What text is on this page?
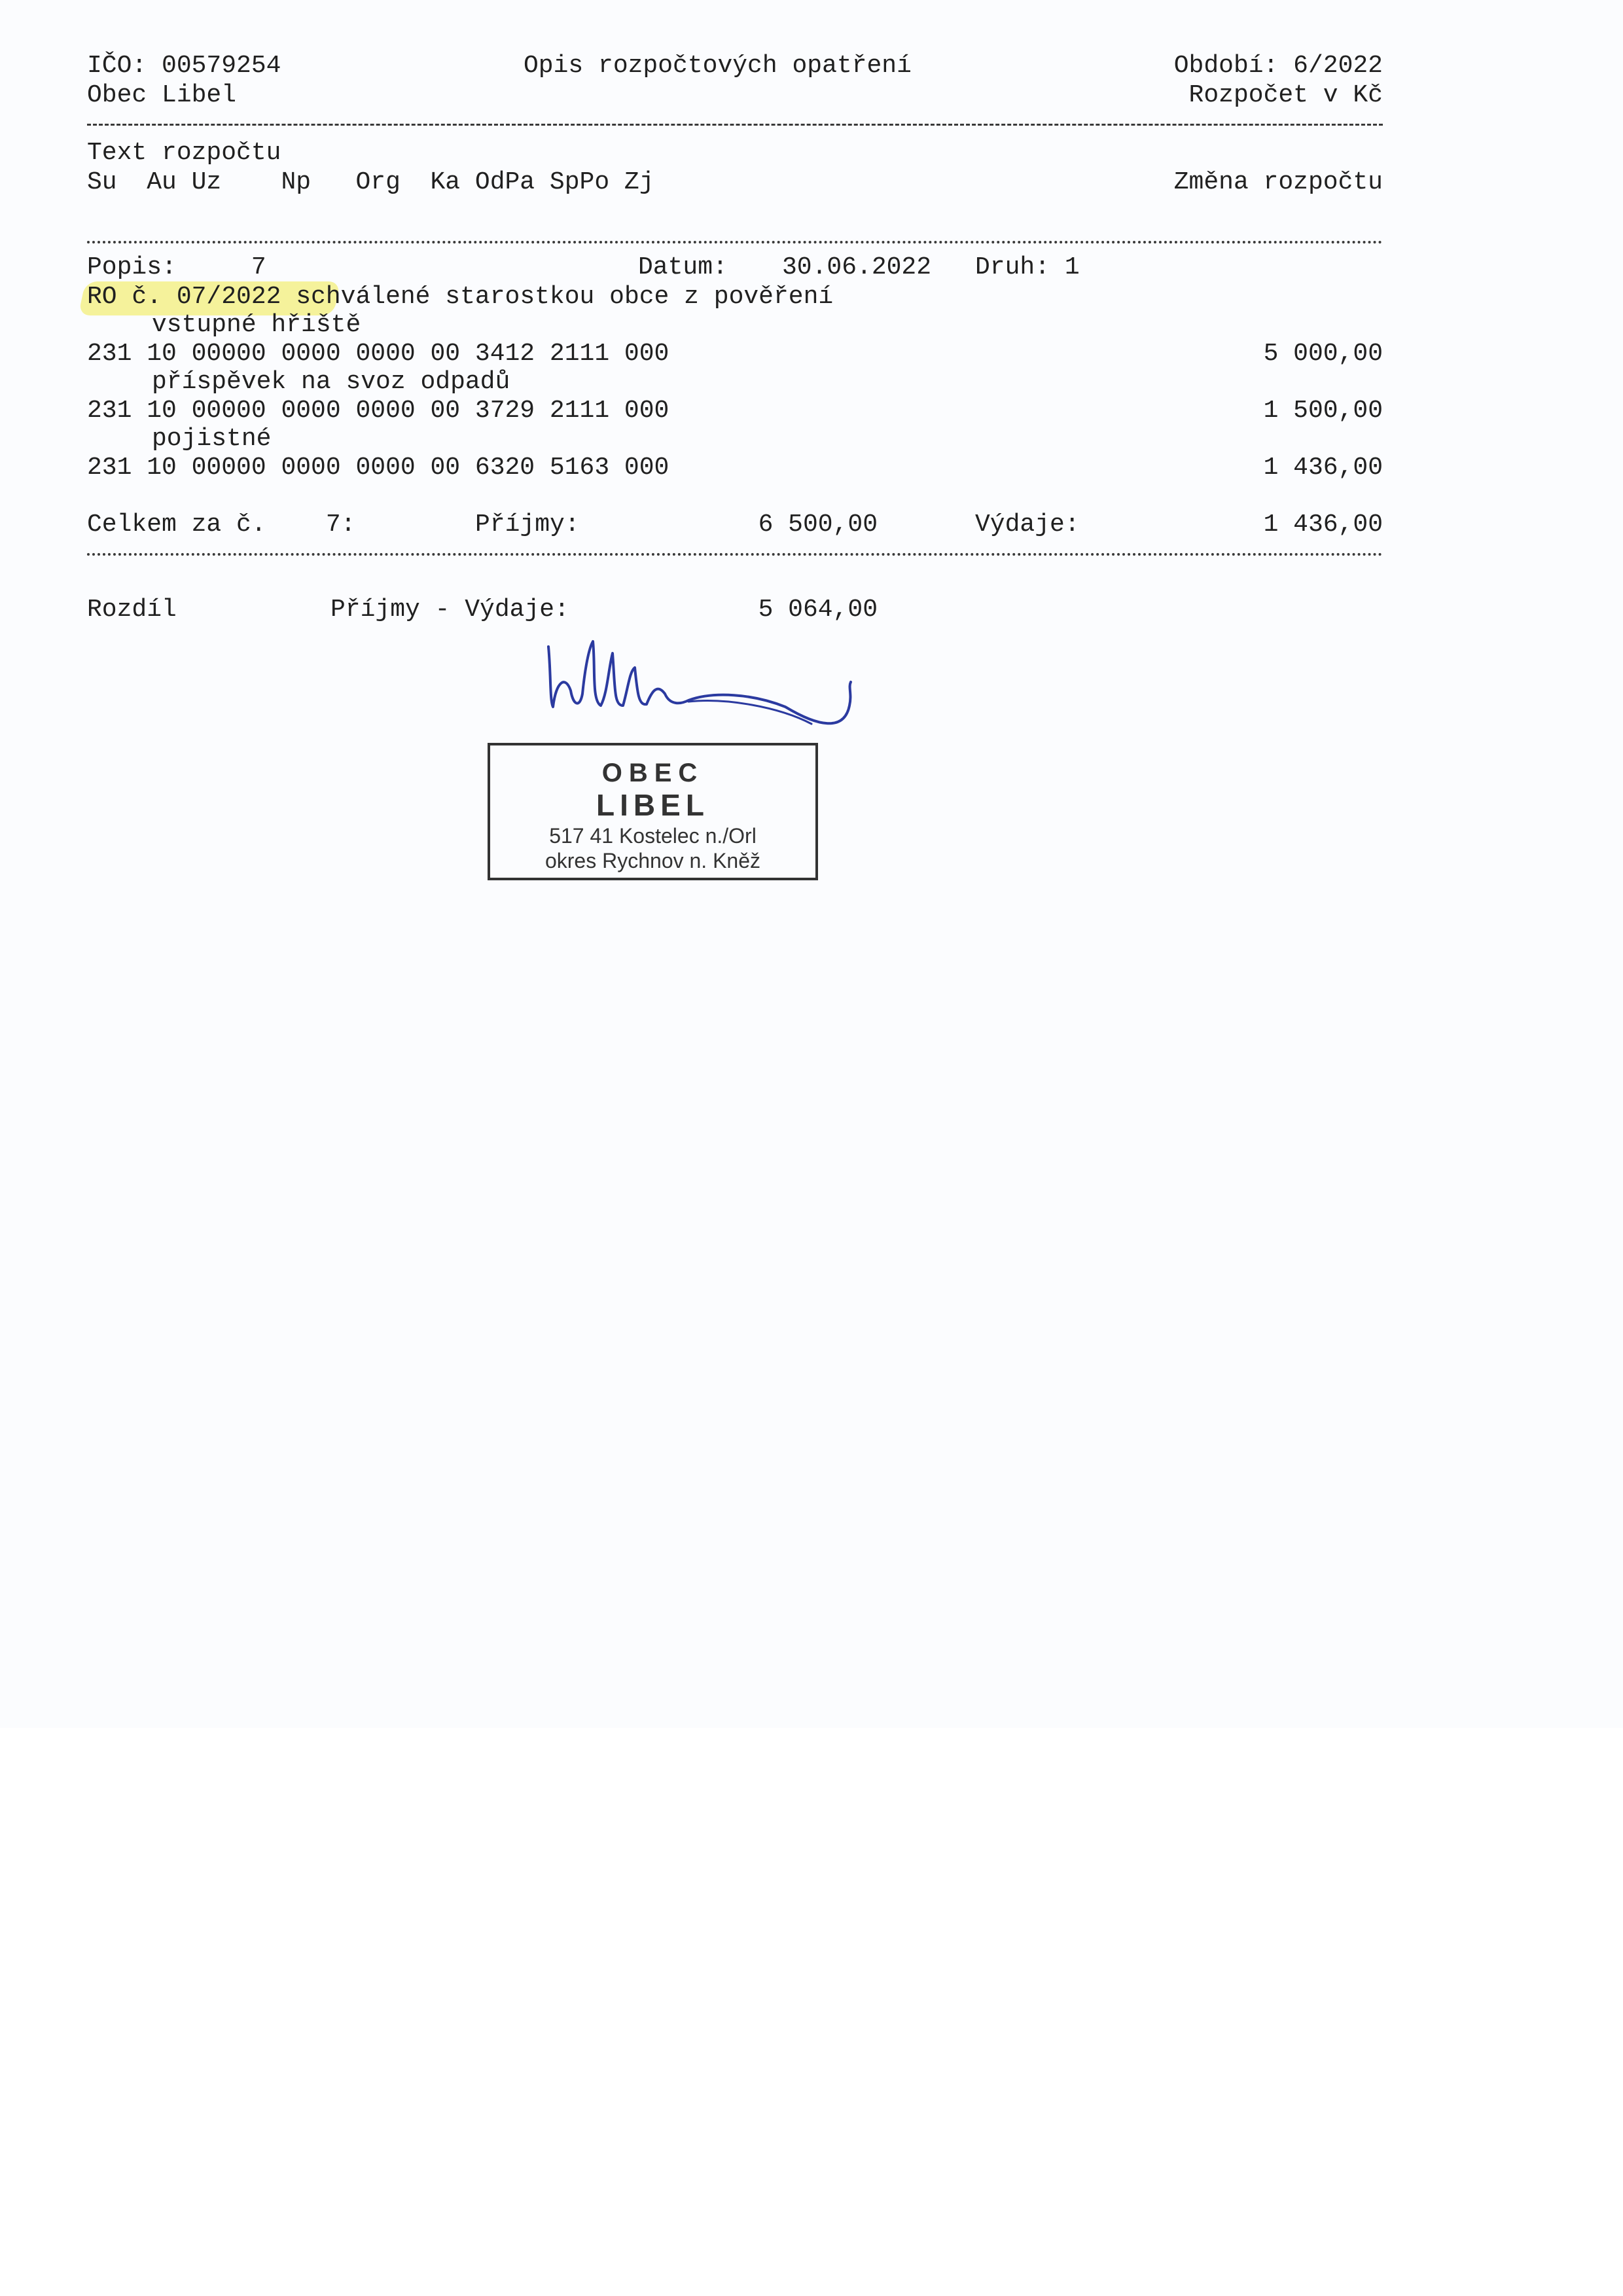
IČO: 00579254	Opis rozpočtových opatření	Období: 6/2022
Obec Libel	Rozpočet v Kč
Text rozpočtu
Su  Au Uz    Np   Org  Ka OdPa SpPo Zj	Změna rozpočtu
Popis:     7	Datum: 30.06.2022 Druh: 1
RO č. 07/2022 schválené starostkou obce z pověření
vstupné hřiště
231 10 00000 0000 0000 00 3412 2111 000	5 000,00
příspěvek na svoz odpadů
231 10 00000 0000 0000 00 3729 2111 000	1 500,00
pojistné
231 10 00000 0000 0000 00 6320 5163 000	1 436,00
Celkem za č.    7:	Příjmy:	6 500,00	Výdaje:	1 436,00
Rozdíl	Příjmy - Výdaje:	5 064,00
OBEC
LIBEL
517 41 Kostelec n./Orl
okres Rychnov n. Kněž
